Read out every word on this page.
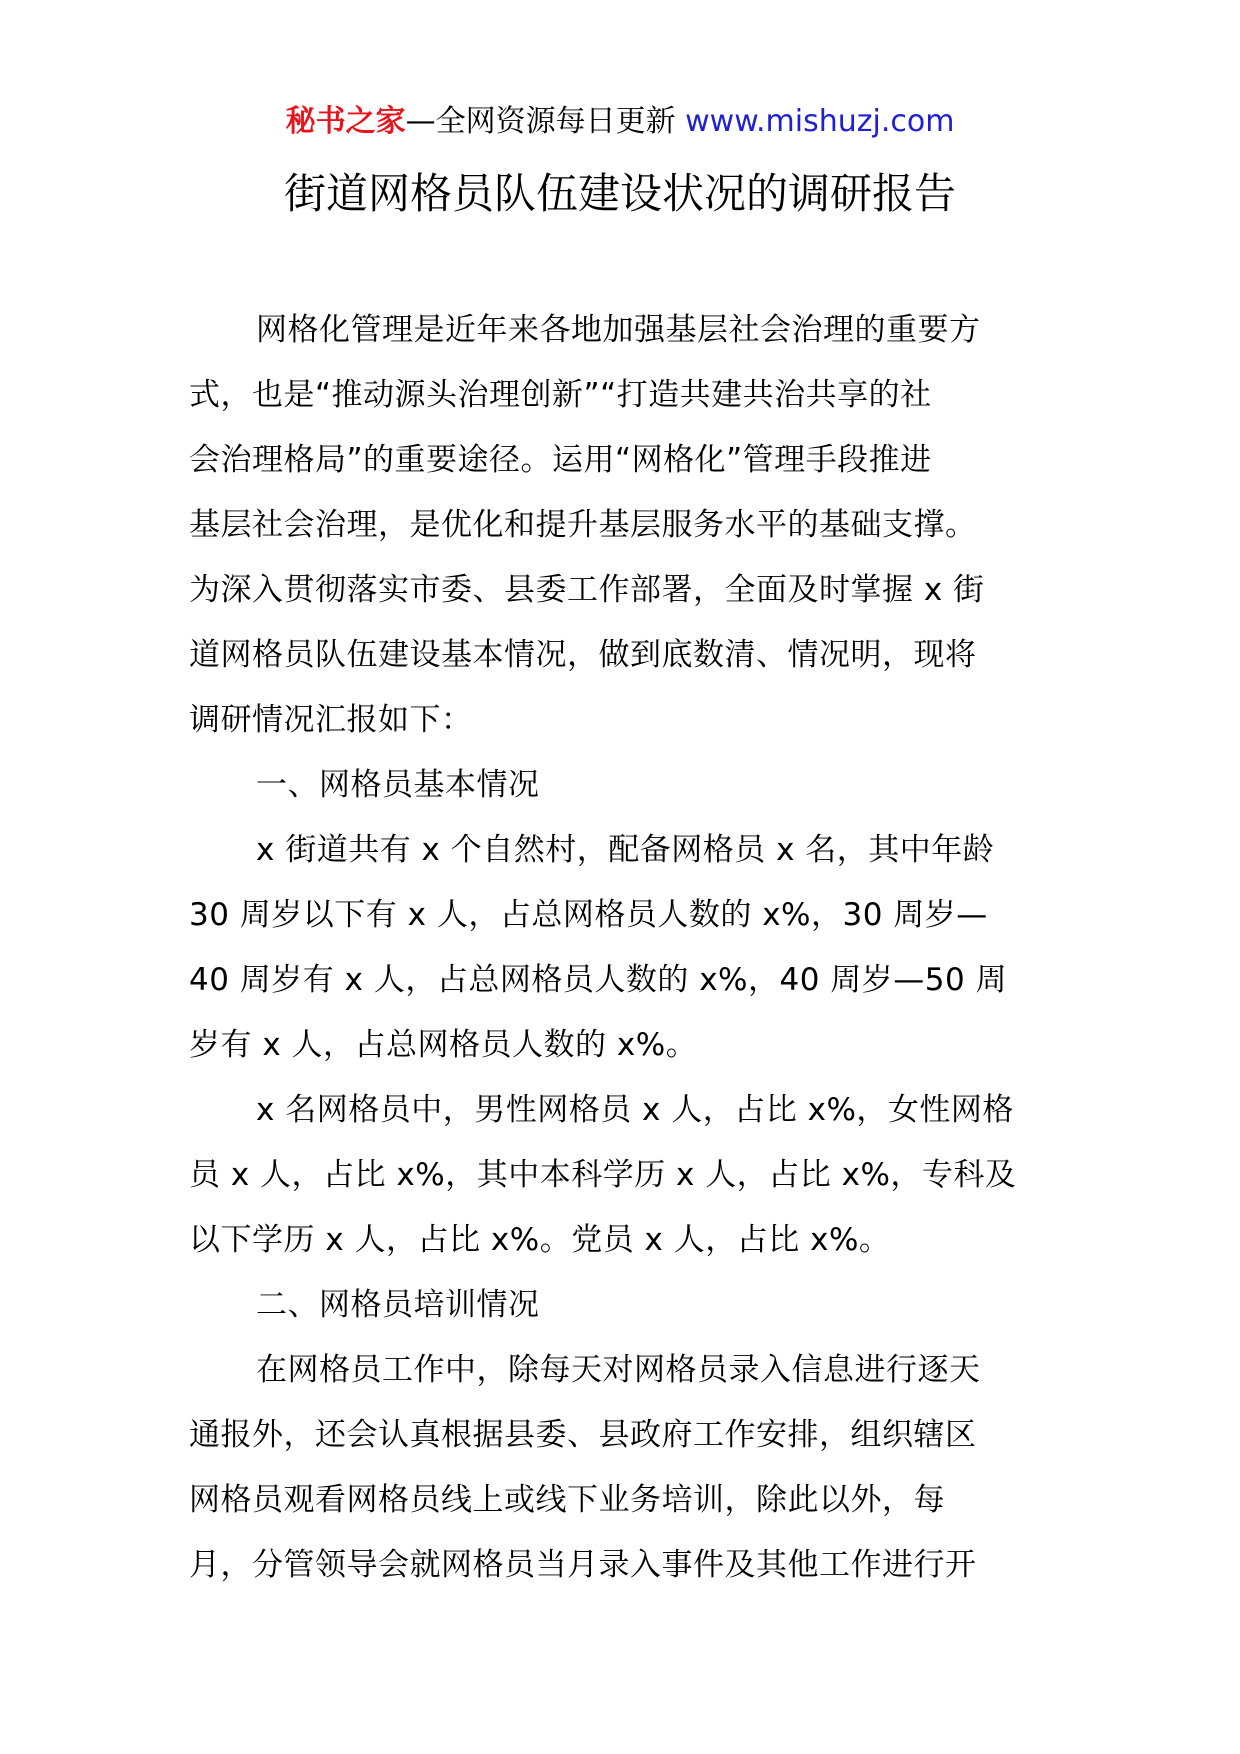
秘书之家—全网资源每日更新 www.mishuzj.com
街道网格员队伍建设状况的调研报告
网格化管理是近年来各地加强基层社会治理的重要方
式，也是“推动源头治理创新”“打造共建共治共享的社
会治理格局”的重要途径。运用“网格化”管理手段推进
基层社会治理，是优化和提升基层服务水平的基础支撑。
为深入贯彻落实市委、县委工作部署，全面及时掌握 x 街
道网格员队伍建设基本情况，做到底数清、情况明，现将
调研情况汇报如下：
一、网格员基本情况
x 街道共有 x 个自然村，配备网格员 x 名，其中年龄
30 周岁以下有 x 人，占总网格员人数的 x%，30 周岁—
40 周岁有 x 人，占总网格员人数的 x%，40 周岁—50 周
岁有 x 人，占总网格员人数的 x%。
x 名网格员中，男性网格员 x 人，占比 x%，女性网格
员 x 人，占比 x%，其中本科学历 x 人，占比 x%，专科及
以下学历 x 人，占比 x%。党员 x 人，占比 x%。
二、网格员培训情况
在网格员工作中，除每天对网格员录入信息进行逐天
通报外，还会认真根据县委、县政府工作安排，组织辖区
网格员观看网格员线上或线下业务培训，除此以外，每
月，分管领导会就网格员当月录入事件及其他工作进行开
